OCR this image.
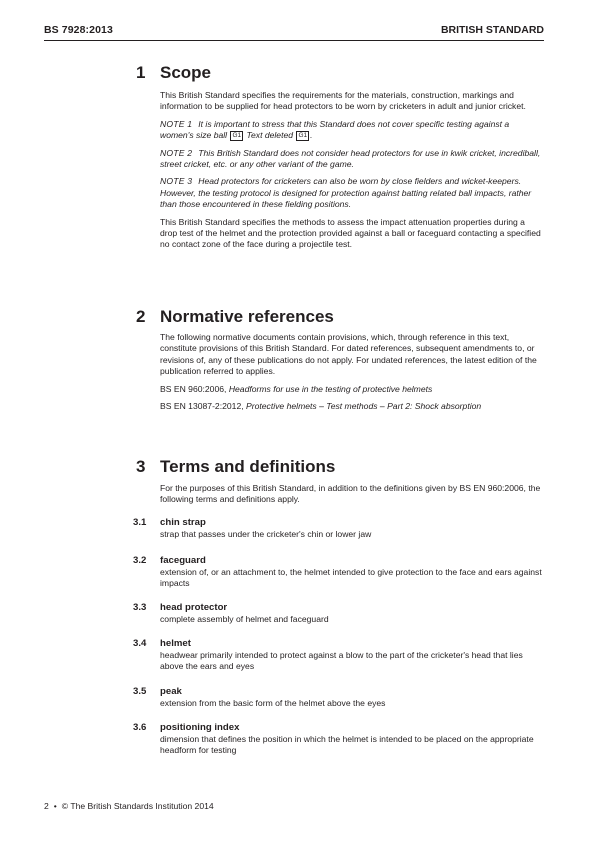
BS 7928:2013	BRITISH STANDARD
1 Scope

This British Standard specifies the requirements for the materials, construction, markings and information to be supplied for head protectors to be worn by cricketers in adult and junior cricket.

NOTE 1 It is important to stress that this Standard does not cover specific testing against a women's size ball G1 Text deleted G1 .

NOTE 2 This British Standard does not consider head protectors for use in kwik cricket, incrediball, street cricket, etc. or any other variant of the game.

NOTE 3 Head protectors for cricketers can also be worn by close fielders and wicket-keepers. However, the testing protocol is designed for protection against batting related ball impacts, rather than those encountered in these fielding positions.

This British Standard specifies the methods to assess the impact attenuation properties during a drop test of the helmet and the protection provided against a ball or faceguard contacting a specified no contact zone of the face during a projectile test.

2 Normative references

The following normative documents contain provisions, which, through reference in this text, constitute provisions of this British Standard. For dated references, subsequent amendments to, or revisions of, any of these publications do not apply. For undated references, the latest edition of the publication referred to applies.

BS EN 960:2006, Headforms for use in the testing of protective helmets

BS EN 13087-2:2012, Protective helmets – Test methods – Part 2: Shock absorption

3 Terms and definitions

For the purposes of this British Standard, in addition to the definitions given by BS EN 960:2006, the following terms and definitions apply.

3.1 chin strap
strap that passes under the cricketer's chin or lower jaw
3.2 faceguard
extension of, or an attachment to, the helmet intended to give protection to the face and ears against impacts
3.3 head protector
complete assembly of helmet and faceguard
3.4 helmet
headwear primarily intended to protect against a blow to the part of the cricketer's head that lies above the ears and eyes
3.5 peak
extension from the basic form of the helmet above the eyes
3.6 positioning index
dimension that defines the position in which the helmet is intended to be placed on the appropriate headform for testing
2 • © The British Standards Institution 2014
